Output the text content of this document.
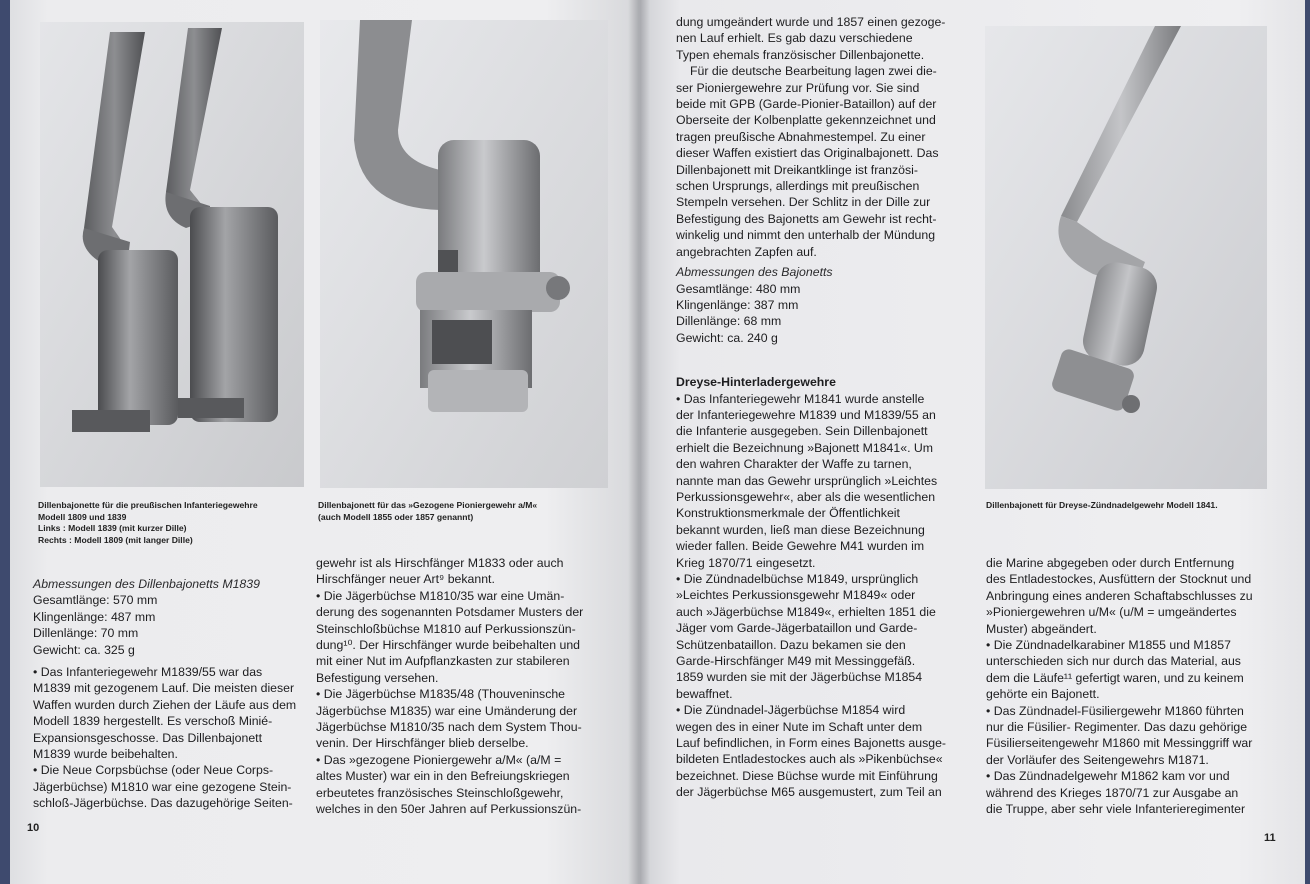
Dillenbajonette für die preußischen Infanteriegewehre
Modell 1809 und 1839
Links : Modell 1839 (mit kurzer Dille)
Rechts : Modell 1809 (mit langer Dille)
Dillenbajonett für das »Gezogene Pioniergewehr a/M«
(auch Modell 1855 oder 1857 genannt)
Abmessungen des Dillenbajonetts M1839
Gesamtlänge: 570 mm
Klingenlänge: 487 mm
Dillenlänge: 70 mm
Gewicht: ca. 325 g
• Das Infanteriegewehr M1839/55 war das
M1839 mit gezogenem Lauf. Die meisten dieser
Waffen wurden durch Ziehen der Läufe aus dem
Modell 1839 hergestellt. Es verschoß Minié-
Expansionsgeschosse. Das Dillenbajonett
M1839 wurde beibehalten.
• Die Neue Corpsbüchse (oder Neue Corps-
Jägerbüchse) M1810 war eine gezogene Stein-
schloß-Jägerbüchse. Das dazugehörige Seiten-
gewehr ist als Hirschfänger M1833 oder auch
Hirschfänger neuer Art⁹ bekannt.
• Die Jägerbüchse M1810/35 war eine Umän-
derung des sogenannten Potsdamer Musters der
Steinschloßbüchse M1810 auf Perkussionszün-
dung¹⁰. Der Hirschfänger wurde beibehalten und
mit einer Nut im Aufpflanzkasten zur stabileren
Befestigung versehen.
• Die Jägerbüchse M1835/48 (Thouveninsche
Jägerbüchse M1835) war eine Umänderung der
Jägerbüchse M1810/35 nach dem System Thou-
venin. Der Hirschfänger blieb derselbe.
• Das »gezogene Pioniergewehr a/M« (a/M =
altes Muster) war ein in den Befreiungskriegen
erbeutetes französisches Steinschloßgewehr,
welches in den 50er Jahren auf Perkussionszün-
10
dung umgeändert wurde und 1857 einen gezoge-
nen Lauf erhielt. Es gab dazu verschiedene
Typen ehemals französischer Dillenbajonette.
Für die deutsche Bearbeitung lagen zwei die-
ser Pioniergewehre zur Prüfung vor. Sie sind
beide mit GPB (Garde-Pionier-Bataillon) auf der
Oberseite der Kolbenplatte gekennzeichnet und
tragen preußische Abnahmestempel. Zu einer
dieser Waffen existiert das Originalbajonett. Das
Dillenbajonett mit Dreikantklinge ist französi-
schen Ursprungs, allerdings mit preußischen
Stempeln versehen. Der Schlitz in der Dille zur
Befestigung des Bajonetts am Gewehr ist recht-
winkelig und nimmt den unterhalb der Mündung
angebrachten Zapfen auf.
Abmessungen des Bajonetts
Gesamtlänge: 480 mm
Klingenlänge: 387 mm
Dillenlänge: 68 mm
Gewicht: ca. 240 g
Dreyse-Hinterladergewehre
• Das Infanteriegewehr M1841 wurde anstelle
der Infanteriegewehre M1839 und M1839/55 an
die Infanterie ausgegeben. Sein Dillenbajonett
erhielt die Bezeichnung »Bajonett M1841«. Um
den wahren Charakter der Waffe zu tarnen,
nannte man das Gewehr ursprünglich »Leichtes
Perkussionsgewehr«, aber als die wesentlichen
Konstruktionsmerkmale der Öffentlichkeit
bekannt wurden, ließ man diese Bezeichnung
wieder fallen. Beide Gewehre M41 wurden im
Krieg 1870/71 eingesetzt.
• Die Zündnadelbüchse M1849, ursprünglich
»Leichtes Perkussionsgewehr M1849« oder
auch »Jägerbüchse M1849«, erhielten 1851 die
Jäger vom Garde-Jägerbataillon und Garde-
Schützenbataillon. Dazu bekamen sie den
Garde-Hirschfänger M49 mit Messinggefäß.
1859 wurden sie mit der Jägerbüchse M1854
bewaffnet.
• Die Zündnadel-Jägerbüchse M1854 wird
wegen des in einer Nute im Schaft unter dem
Lauf befindlichen, in Form eines Bajonetts ausge-
bildeten Entladestockes auch als »Pikenbüchse«
bezeichnet. Diese Büchse wurde mit Einführung
der Jägerbüchse M65 ausgemustert, zum Teil an
Dillenbajonett für Dreyse-Zündnadelgewehr Modell 1841.
die Marine abgegeben oder durch Entfernung
des Entladestockes, Ausfüttern der Stocknut und
Anbringung eines anderen Schaftabschlusses zu
»Pioniergewehren u/M« (u/M = umgeändertes
Muster) abgeändert.
• Die Zündnadelkarabiner M1855 und M1857
unterschieden sich nur durch das Material, aus
dem die Läufe¹¹ gefertigt waren, und zu keinem
gehörte ein Bajonett.
• Das Zündnadel-Füsiliergewehr M1860 führten
nur die Füsilier- Regimenter. Das dazu gehörige
Füsilierseitengewehr M1860 mit Messinggriff war
der Vorläufer des Seitengewehrs M1871.
• Das Zündnadelgewehr M1862 kam vor und
während des Krieges 1870/71 zur Ausgabe an
die Truppe, aber sehr viele Infanterieregimenter
11
